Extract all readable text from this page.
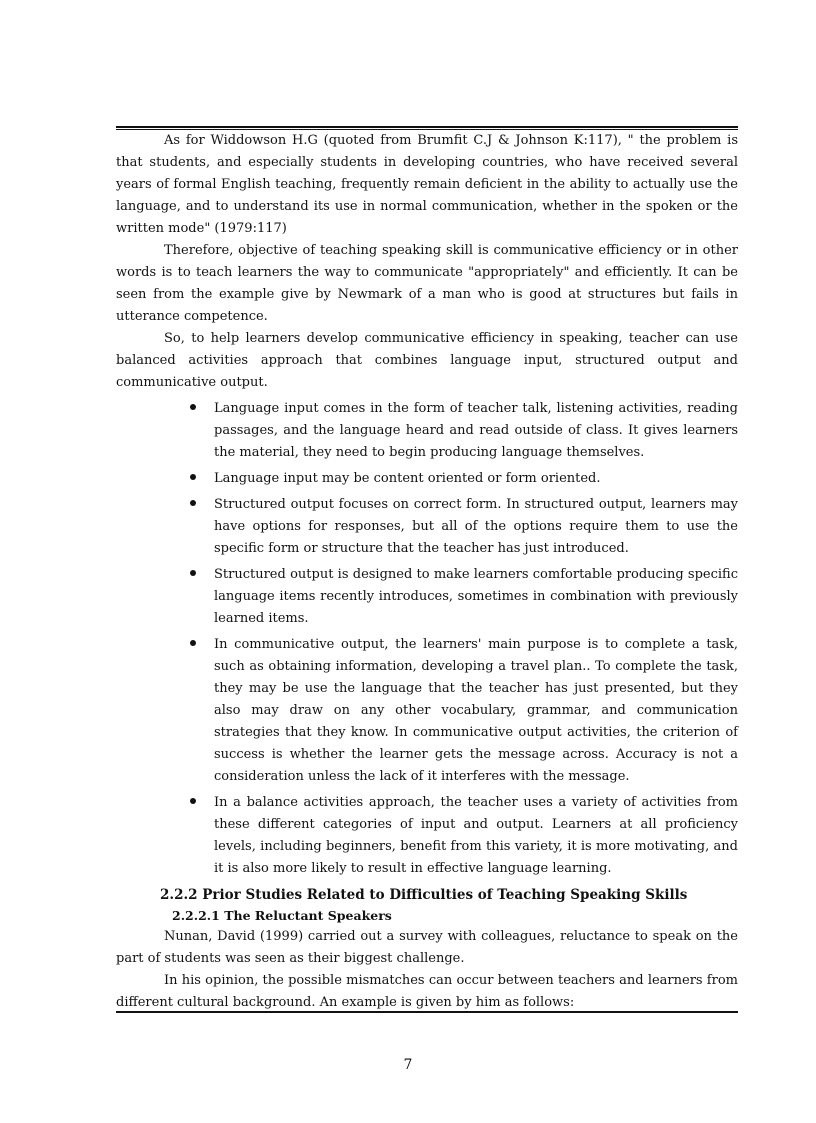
As for Widdowson H.G (quoted from Brumfit C.J & Johnson K:117), " the problem is that students, and especially students in developing countries, who have received several years of formal English teaching, frequently remain deficient in the ability to actually use the language, and to understand its use in normal communication, whether in the spoken or the written mode" (1979:117)

Therefore, objective of teaching speaking skill is communicative efficiency or in other words is to teach learners the way to communicate "appropriately" and efficiently. It can be seen from the example give by Newmark of a man who is good at structures but fails in utterance competence.

So, to help learners develop communicative efficiency in speaking, teacher can use balanced activities approach that combines language input, structured output and communicative output.

Language input comes in the form of teacher talk, listening activities, reading passages, and the language heard and read outside of class. It gives learners the material, they need to begin producing language themselves.
Language input may be content oriented or form oriented.
Structured output focuses on correct form. In structured output, learners may have options for responses, but all of the options require them to use the specific form or structure that the teacher has just introduced.
Structured output is designed to make learners comfortable producing specific language items recently introduces, sometimes in combination with previously learned items.
In communicative output, the learners' main purpose is to complete a task, such as obtaining information, developing a travel plan.. To complete the task, they may be use the language that the teacher has just presented, but they also may draw on any other vocabulary, grammar, and communication strategies that they know. In communicative output activities, the criterion of success is whether the learner gets the message across. Accuracy is not a consideration unless the lack of it interferes with the message.
In a balance activities approach, the teacher uses a variety of activities from these different categories of input and output. Learners at all proficiency levels, including beginners, benefit from this variety, it is more motivating, and it is also more likely to result in effective language learning.
2.2.2 Prior Studies Related to Difficulties of Teaching Speaking Skills
2.2.2.1 The Reluctant Speakers

Nunan, David (1999) carried out a survey with colleagues, reluctance to speak on the part of students was seen as their biggest challenge.

In his opinion, the possible mismatches can occur between teachers and learners from different cultural background. An example is given by him as follows:

7
